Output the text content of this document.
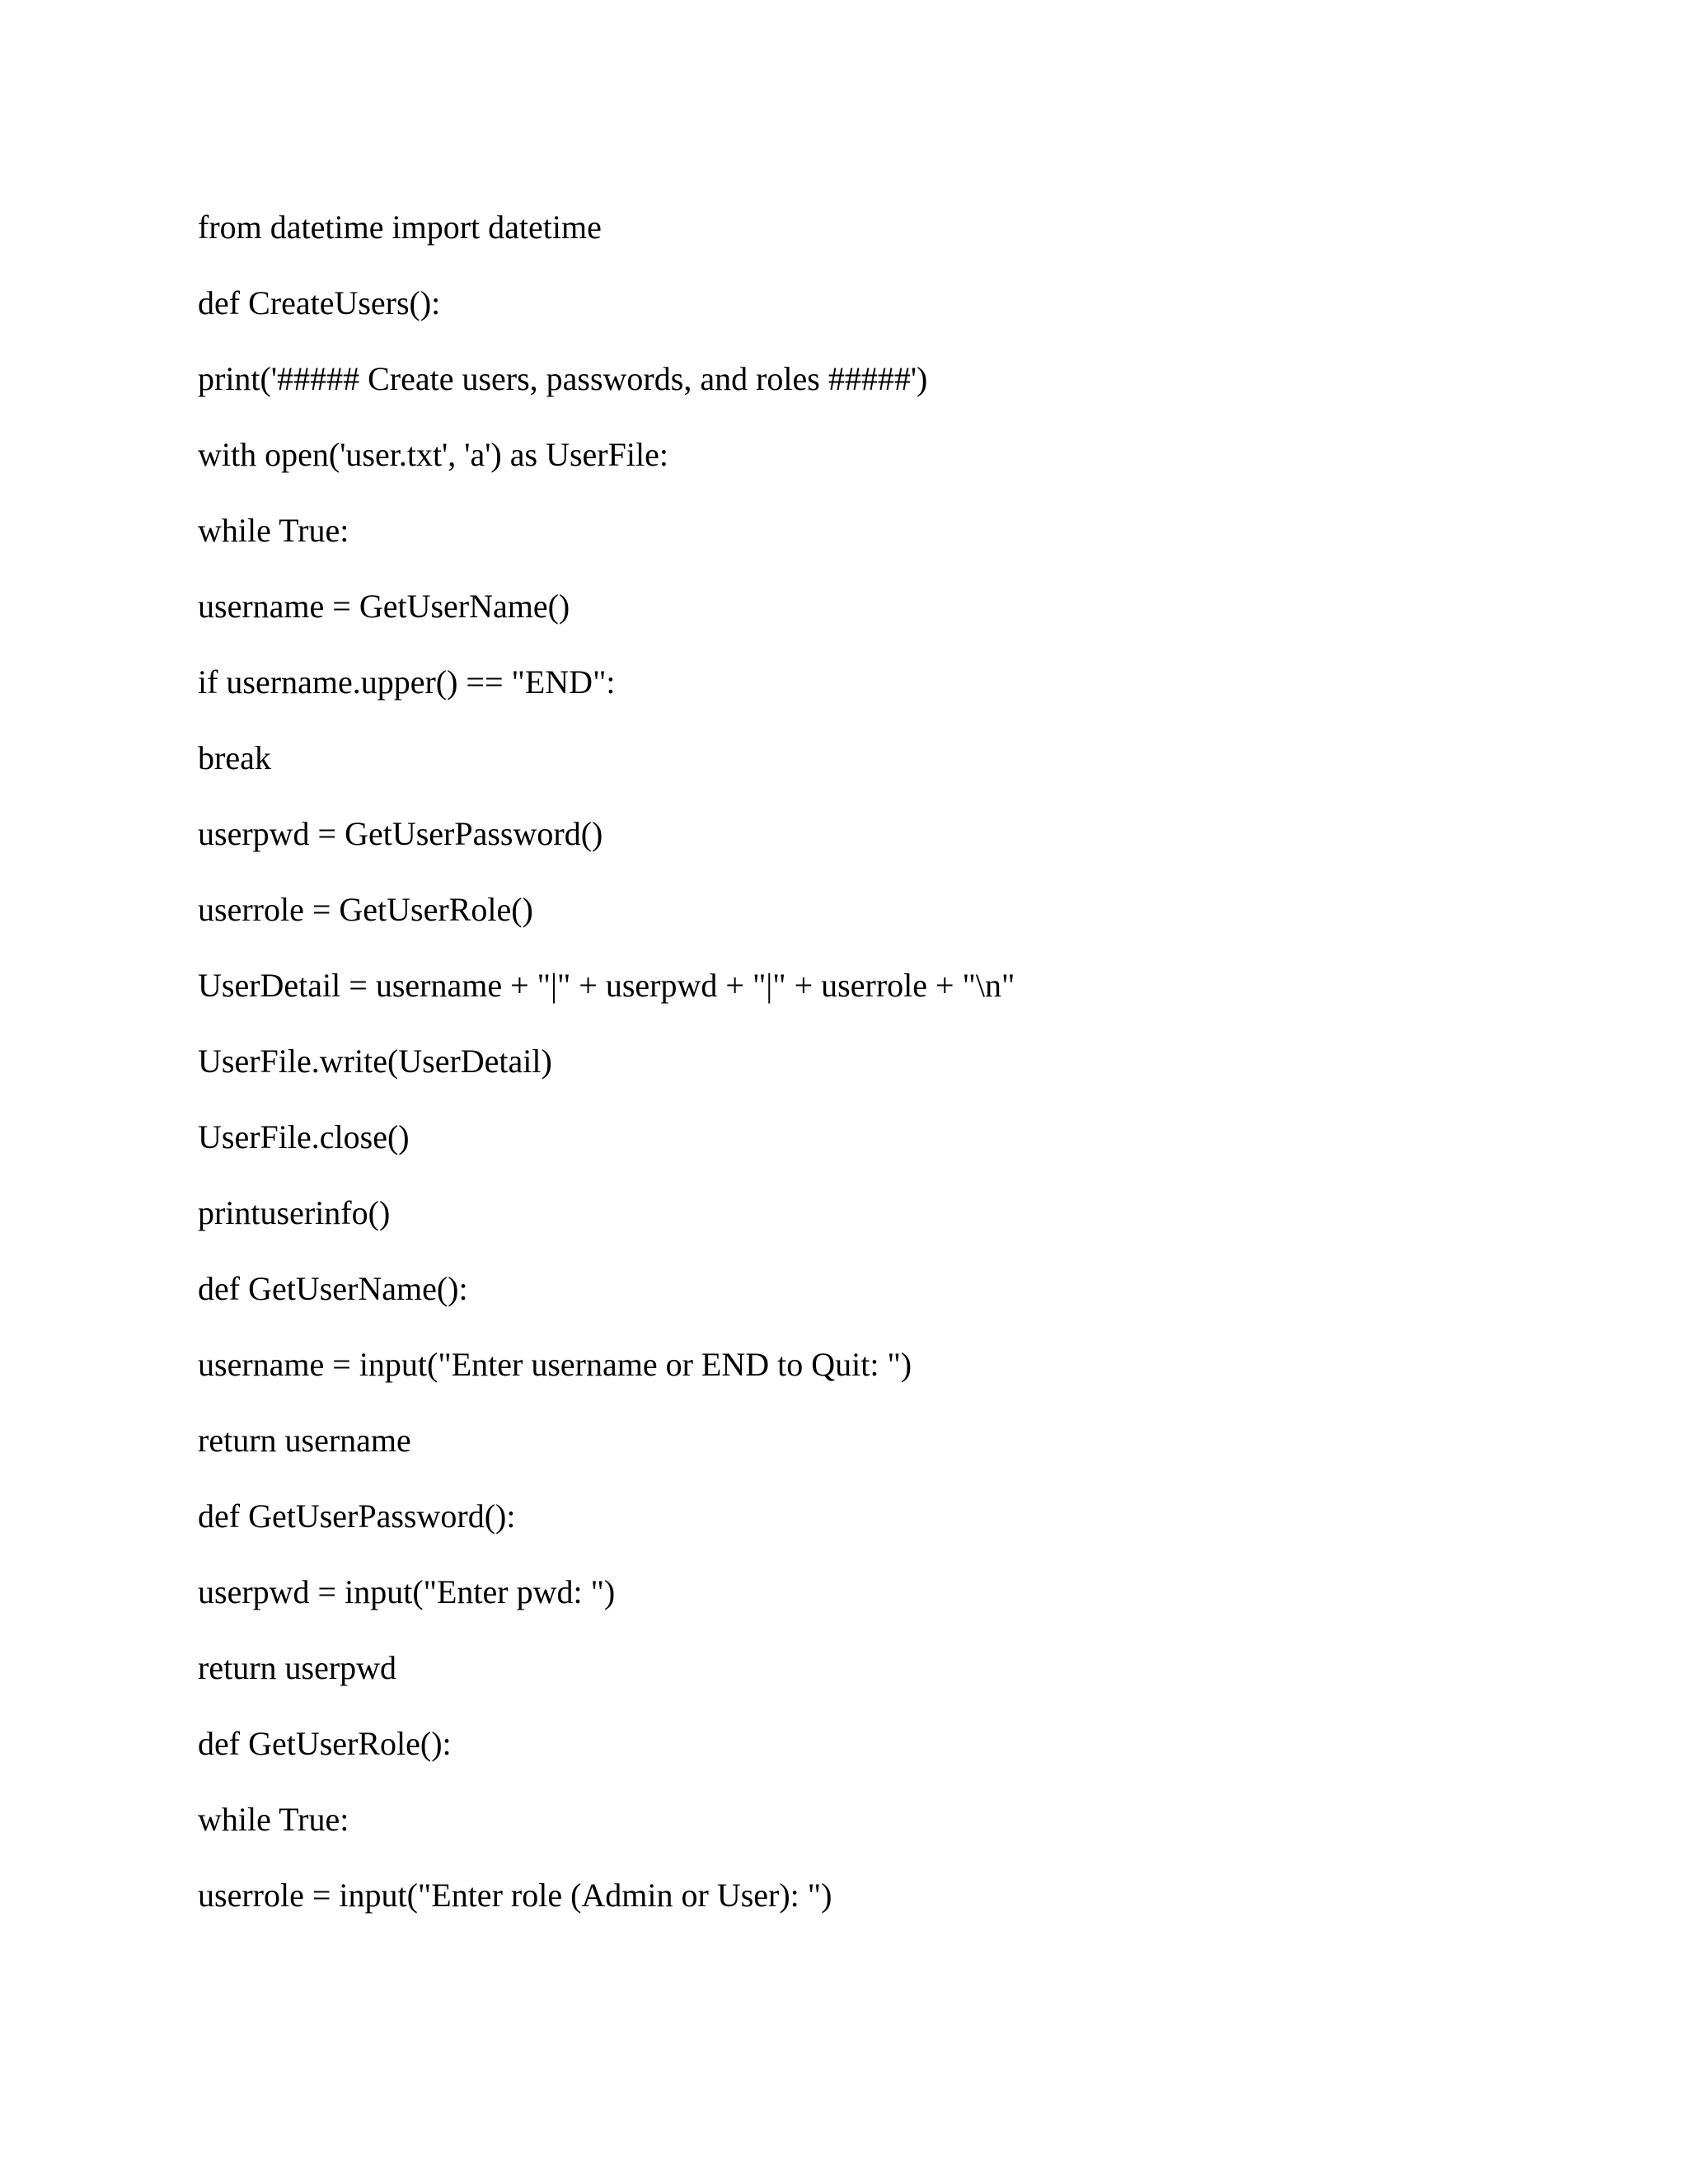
from datetime import datetime
def CreateUsers():
print('##### Create users, passwords, and roles #####')
with open('user.txt', 'a') as UserFile:
while True:
username = GetUserName()
if username.upper() == "END":
break
userpwd = GetUserPassword()
userrole = GetUserRole()
UserDetail = username + "|" + userpwd + "|" + userrole + "\n"
UserFile.write(UserDetail)
UserFile.close()
printuserinfo()
def GetUserName():
username = input("Enter username or END to Quit: ")
return username
def GetUserPassword():
userpwd = input("Enter pwd: ")
return userpwd
def GetUserRole():
while True:
userrole = input("Enter role (Admin or User): ")
